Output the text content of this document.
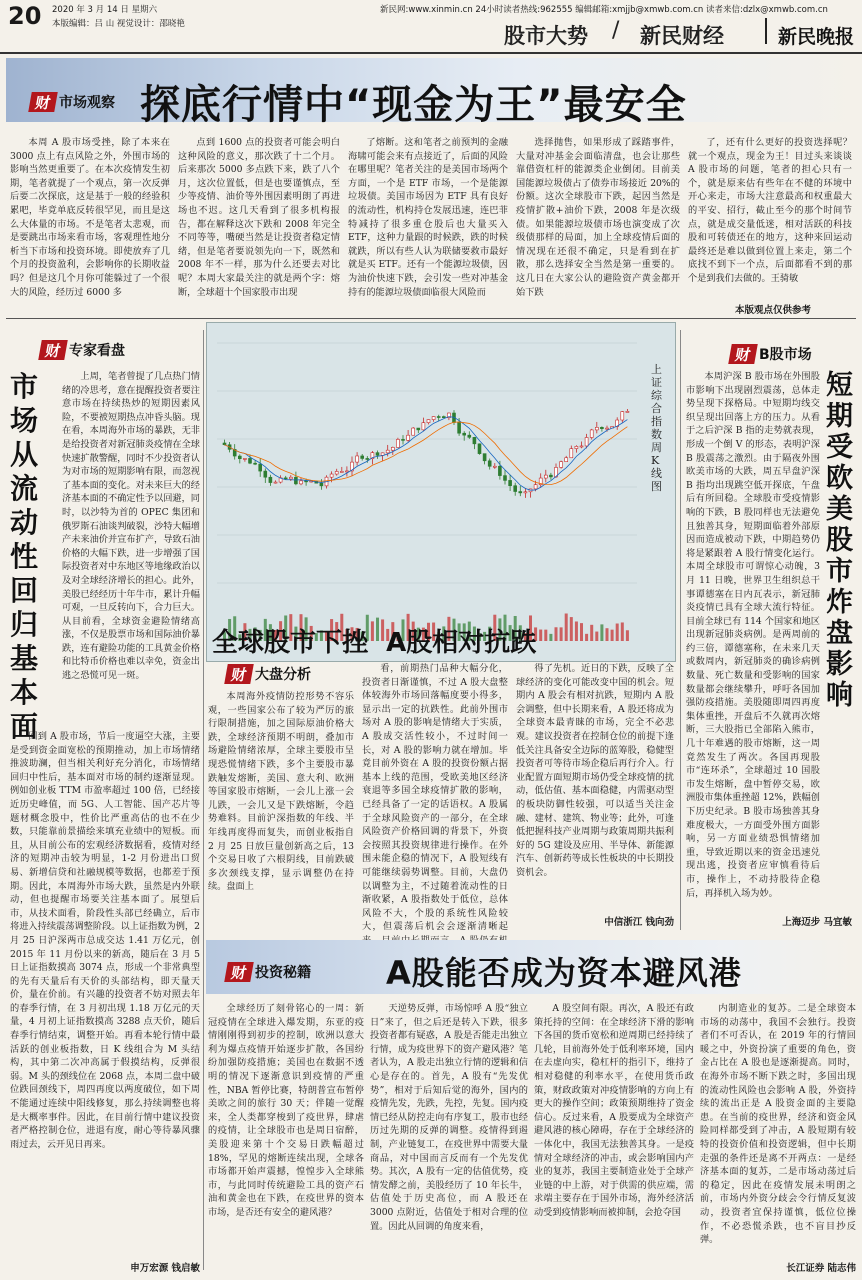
20 2020 年 3 月 14 日 星期六
本版编辑：吕 山 视觉设计：邵晓艳
新民网:www.xinmin.cn 24小时读者热线:962555 编辑邮箱:xmjjb@xmwb.com.cn 读者来信:dzlx@xmwb.com.cn
股市大势 / 新民财经	新民晚报
财 市场观察 探底行情中“现金为王”最安全

本周 A 股市场受挫，除了本来在 3000 点上有点风险之外，外围市场的影响当然更重要了。在本次疫情发生初期，笔者就提了一个观点，第一次反弹后要二次探底，这是基于一般的经验积累吧，毕竟单底反转很罕见，而且是这么大体量的市场。不是笔者太悲观，而是要跳出市场来看市场，客观理性地分析当下市场和投资环境。即使放弃了几个月的投资盈利，会影响你的长期收益吗？但是这几个月你可能躲过了一个很大的风险，经历过 6000 多

点到 1600 点的投资者可能会明白这种风险的意义，那次跌了十二个月。后来那次 5000 多点跌下来，跌了八个月，这次位置低，但是也要谨慎点，至少等疫情、油价等外围因素明朗了再进场也不迟。这几天看到了很多机构报告，都在解释这次下跌和 2008 年完全不同等等，嘴硬当然是让投资者稳定情绪，但是笔者要说领先向一下，既然和 2008 年不一样，那为什么还要去对比呢？本周大家最关注的就是两个字：熔断，全球超十个国家股市出现

了熔断。这和笔者之前预判的金融海啸可能会来有点接近了，后面的风险在哪里呢？笔者关注的是美国市场两个方面，一个是 ETF 市场，一个是能源垃圾债。美国市场因为 ETF 具有良好的流动性，机构持仓发展迅速，连巴菲特减持了很多重仓股后也大量买入 ETF，这种力量跟的时候跌，跌的时候就跌，所以有些人认为联储要救市最好就是买 ETF。还有一个能源垃圾债，因为油价快速下跌，会引发一些对冲基金持有的能源垃圾债面临很大风险而

选择抛售，如果形成了踩踏事件，大量对冲基金会面临清盘，也会让那些靠借资杠杆的能源类企业倒闭。目前美国能源垃圾债占了债券市场接近 20%的份额。这次全球股市下跌，起因当然是疫情扩散+油价下跌，2008 年是次级债。如果能源垃圾债市场也演变成了次级债那样的局面，加上全球疫情后面的情况现在还很不确定，只是看到在扩散，那么选择安全当然是第一重要的。这几日在大家公认的避险资产黄金都开始下跌

了，还有什么更好的投资选择呢？就一个观点，现金为王！目过头来谈谈 A 股市场的问题，笔者的担心只有一个，就是原来估有些年在不健的环境中开心来走，市场大注意最高和权重最大的平安、招行，截止至今的那个时间节点，就是成交量低迷，相对活跃的科技股和可转债还在的地方，这种来回运动最终还是难以做到位置上来走，第二个底找不到下一个点，后面都看不到的那个是到我们去做的。王骑敏

本版观点仅供参考
财 专家看盘
市场从流动性回归基本面

上周，笔者曾提了几点热门情绪的冷思考，意在提醒投资者要注意市场在持续热炒的短期因素风险，不要被短期热点冲昏头脑。现在看，本周海外市场的暴跌，无非是给投资者对新冠肺炎疫情在全球快速扩散警醒，同时不少投资者认为对市场的短期影响有限，而忽视了基本面的变化。对未来巨大的经济基本面的不确定性予以回避，同时，以沙特为首的 OPEC 集团和俄罗斯石油谈判破裂，沙特大幅增产未来油价并宣布扩产，导致石油价格的大幅下跌，进一步增强了国际投资者对中东地区等地缘政治以及对全球经济增长的担心。此外，美股已经经历十年牛市，累计升幅可观，一旦反转向下，合力巨大。从目前看，全球资金避险情绪高涨，不仅是股票市场和国际油价暴跌，连有避险功能的工具黄金价格和比特币价格也难以幸免，资金出逃之恐慌可见一斑。

回到 A 股市场，节后一度逼空大涨，主要是受到资金面宽松的预期推动，加上市场情绪推波助澜，但当相关利好充分消化，市场情绪回归中性后，基本面对市场的制约逐渐显现。例如创业板 TTM 市盈率超过 100 倍，已经接近历史峰值，而 5G、人工智能、国产芯片等题材概念股中，性价比严重高估的也不在少数，只能靠前景描绘来填充业绩中的短板。而且，从目前公布的宏观经济数据看，疫情对经济的短期冲击较为明显，1-2 月份进出口贸易、新增信贷和社融规模等数据，也都差于预期。因此，本周海外市场大跌，虽然是内外联动，但也提醒市场要关注基本面了。展望后市，从技术面看，阶段性头部已经确立，后市将进入持续震荡调整阶段。以上证指数为例，2 月 25 日沪深两市总成交达 1.41 万亿元，创 2015 年 11 月份以来的新高，随后在 3 月 5 日上证指数摸高 3074 点，形成一个非常典型的先有天量后有天价的头部结构，即天量天价，量在价前。有兴趣的投资者不妨对照去年的春季行情，在 3 月初出现 1.18 万亿元的天量，4 月初上证指数摸高 3288 点天价，随后春季行情结束，调整开始。再看本轮行情中最活跃的创业板指数，日 K 线组合为 M 头结构，其中第二次冲高属于假摸结构，反弹很弱。M 头的颈线位在 2068 点，本周二盘中破位跌回颈线下，周四再度以两度破位，如下周不能通过连续中阳线修复，那么持续调整也将是大概率事件。因此，在目前行情中建议投资者严格控制仓位，进退有度，耐心等待暴风骤雨过去，云开见日再来。

申万宏源 钱启敏
上证综合指数周K线图
全球股市下挫  A股相对抗跌
财 大盘分析

本周海外疫情防控形势不容乐观，一些国家公布了较为严厉的旅行限制措施，加之国际原油价格大跌，全球经济预期不明朗，叠加市场避险情绪浓厚，全球主要股市呈现恐慌情绪下跌，多个主要股市暴跌触发熔断，美国、意大利、欧洲等国家股市熔断，一会儿上涨一会儿跌，一会儿又是下跌熔断，令趋势难料。目前沪深指数的年线、半年线再度得而复失，而创业板指自 2 月 25 日放巨量创新高之后，13 个交易日收了六根阴线，目前跌破多次颈线支撑，显示调整仍在持续。盘面上

看，前期热门品种大幅分化，投资者日渐谨慎，不过 A 股大盘整体较海外市场回落幅度要小得多，显示出一定的抗跌性。此前外围市场对 A 股的影响是情绪大于实质，A 股成交活性较小，不过时间一长，对 A 股的影响力就在增加。毕竟目前外资在 A 股的投资份额占据基本上线的范围，受欧美地区经济衰退等多国全球疫情扩散的影响，已经具备了一定的话语权。A 股属于全球风险资产的一部分，在全球风险资产价格回调的背景下，外资会按照其投资规律进行操作。在外围未能企稳的情况下，A 股短线有可能继续弱势调整。目前，大盘仍以调整为主，不过随着流动性的日渐收紧，A 股指数处于低位，总体风险不大，个股的系统性风险较大，但震荡后机会会逐渐清晰起

得了先机。近日的下跌，反映了全球经济的变化可能改变中国的机会。短期内 A 股会有相对抗跌，短期内 A 股会调整，但中长期来看，A 股还将成为全球资本最青睐的市场，完全不必悲观。建议投资者在控制仓位的前提下逢低关注具备安全边际的蓝筹股，稳健型投资者可等待市场企稳后再行介入。行业配置方面短期市场仍受全球疫情的扰动，低估值、基本面稳健，内需驱动型的板块防御性较强，可以适当关注金融、建材、建筑、物业等；此外，可逢低把握科技产业周期与政策周期共振利好的 5G 建设及应用、半导体、新能源汽车、创新药等成长性板块的中长期投资机会。

中信浙江 钱向劲
财 B股市场
短期受欧美股市炸盘影响

本周沪深 B 股市场在外围股市影响下出现剧烈震荡，总体走势呈现下探格局。中短期均线交织呈现出回落上方的压力。从看于之后沪深 B 指的走势就表现，形成一个倒 V 的形态，表明沪深 B 股震荡之激烈。由于隔夜外围欧美市场的大跌，周五早盘沪深 B 指均出现跳空低开探底，午盘后有所回稳。全球股市受疫情影响的下跌，B 股同样也无法避免且独善其身，短期面临着外部原因而造成被动下跌，中期趋势仍将是紧跟着 A 股行情变化运行。本周全球股市可谓惊心动魄，3 月 11 日晚，世界卫生组织总干事谭德塞在日内瓦表示，新冠肺炎疫情已具有全球大流行特征。目前全球已有 114 个国家和地区出现新冠肺炎病例。是两周前的约三倍，谭德塞称，在未来几天或数周内，新冠肺炎的确诊病例数量、死亡数量和受影响的国家数量都会继续攀升，呼吁各国加强防疫措施。美股随即周四再度集体重挫，开盘后不久就再次熔断，三大股指已全部陷入熊市，几十年难遇的股市熔断，这一周竟然发生了两次。各国再现股市“连环杀”，全球超过 10 国股市发生熔断，盘中暂停交易，欧洲股市集体重挫超 12%，跌幅创下历史纪录。B 股市场独善其身难度极大，一方面受外围方面影响，另一方面业绩恐惧情绪加重，导致近期以来的资金迅速兑现出逃，投资者应审慎看待后市，操作上，不动持股待企稳后，再择机入场为妙。

上海迈步 马宜敏
财 投资秘籍 A股能否成为资本避风港

全球经历了刻骨铭心的一周：新冠疫情在全球进入爆发期，东亚的疫情刚刚得到初步的控制，欧洲以意大利为爆点疫情开始逐步扩散，各国纷纷加强防疫措施；美国也在数据不透明的情况下逐渐意识到疫情的严重性，NBA 暂停比赛，特朗普宣布暂停美欧之间的旅行 30 天；伴随一觉醒来，全人类都穿梭到了疫世界，肆虐的疫情，让全球股市也是周日宿醉，美股迎来第十个交易日跌幅超过 18%，罕见的熔断连续出现，全球各市场都开始声震撼，惶惶步入全球熊市，与此同时传统避险工具的资产石油和黄金也在下跌，在疫世界的资本市场，是否还有安全的避风港？

天逆势反弹，市场惊呼 A 股“独立日”来了，但之后还是转入下跌，很多投资者都有疑惑，A 股是否能走出独立行情，成为疫世界下的资产避风港？笔者认为，A 股走出独立行情的逻辑和信心是存在的。首先，A 股有“先发优势”，相对于后知后觉的海外，国内的疫情先发，先跌，先控，先复。国内疫情已经从防控走向有序复工，股市也经历过先期的反弹的调整。疫情得到遏制，产业链复工，在疫世界中需要大量商品，对中国而言反而有一个先发优势。其次，A 股有一定的估值优势，疫情发酵之前，美股经历了 10 年长牛，估值处于历史高位，而 A 股还在 3000 点附近，估值处于相对合理的位置。因此从回调的角度来看，

A 股空间有限。再次，A 股还有政策托持的空间：在全球经济下滑的影响下各国的货币宽松和逆周期已经持续了几轮，目前海外处于低利率环境，国内在去虚向实，稳杠杆的指引下，维持了相对稳健的利率水平，在使用货币政策，财政政策对冲疫情影响的方向上有更大的操作空间；政策预期维持了资金信心。反过来看，A 股要成为全球资产避风港的核心障碍，存在于全球经济的一体化中，我国无法独善其身。一是疫情对全球经济的冲击，或会影响国内产业的复苏，我国主要制造业处于全球产业链的中上游，对于供需的供应端，需求端主要存在于国外市场，海外经济活动受到疫情影响而被抑制，会抢夺国

内制造业的复苏。二是全球资本市场的动荡中，我国不会独行。投资者们不可否认，在 2019 年的行情回暖之中，外资扮演了重要的角色，资金占比在 A 股也是逐渐提高。同时，在海外市场不断下跌之时，多国出现的流动性风险也会影响 A 股，外资持续的流出正是 A 股资金面的主要隐患。在当前的疫世界，经济和资金风险同样都受到了冲击，A 股短期有较特的投资价值和投资逻辑，但中长期走强的条件还是离不开两点：一是经济基本面的复苏，二是市场动荡过后的稳定，因此在疫情发展未明朗之前，市场内外资分歧会令行情反复波动，投资者宜保持谨慎，低位位操作，不必恐慌杀跌，也不盲目抄反弹。

长江证券 陆志伟
